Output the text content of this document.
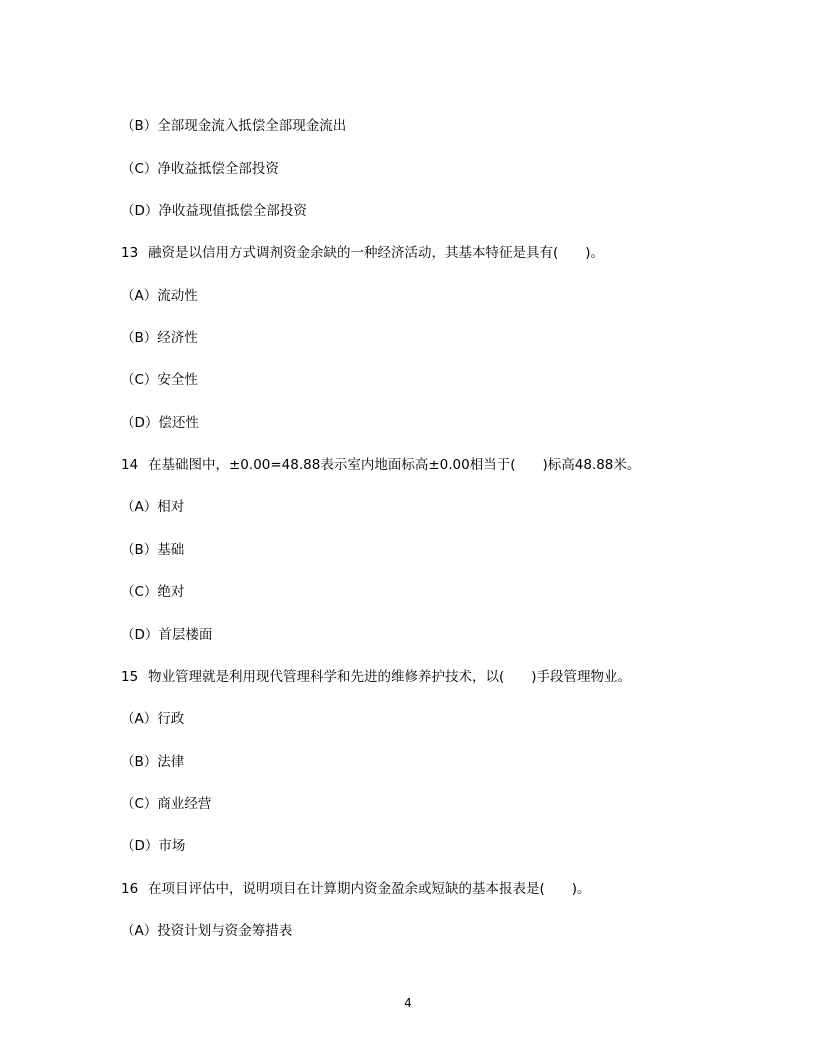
（B）全部现金流入抵偿全部现金流出
（C）净收益抵偿全部投资
（D）净收益现值抵偿全部投资
13 融资是以信用方式调剂资金余缺的一种经济活动，其基本特征是具有(　　)。
（A）流动性
（B）经济性
（C）安全性
（D）偿还性
14 在基础图中，±0.00=48.88表示室内地面标高±0.00相当于(　　)标高48.88米。
（A）相对
（B）基础
（C）绝对
（D）首层楼面
15 物业管理就是利用现代管理科学和先进的维修养护技术，以(　　)手段管理物业。
（A）行政
（B）法律
（C）商业经营
（D）市场
16 在项目评估中，说明项目在计算期内资金盈余或短缺的基本报表是(　　)。
（A）投资计划与资金筹措表
4
